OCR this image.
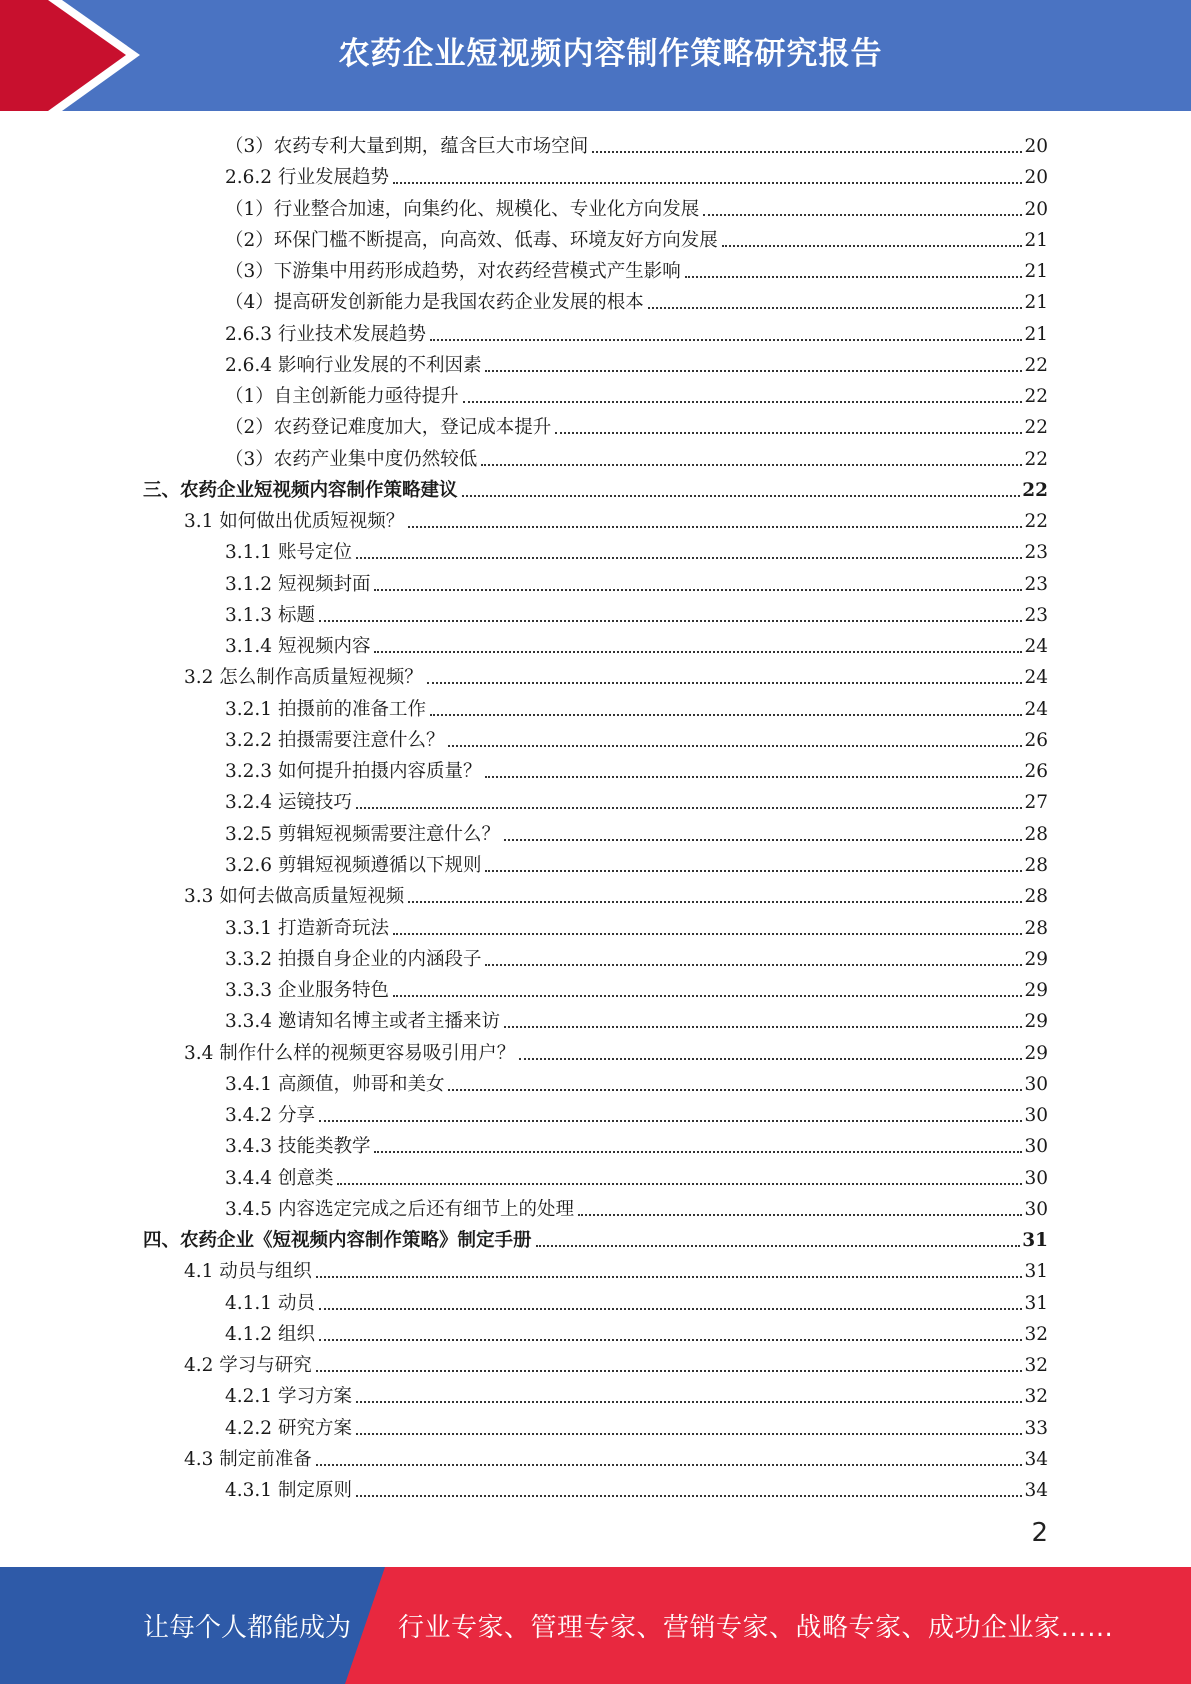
农药企业短视频内容制作策略研究报告
（3）农药专利大量到期，蕴含巨大市场空间	20
2.6.2 行业发展趋势	20
（1）行业整合加速，向集约化、规模化、专业化方向发展	20
（2）环保门槛不断提高，向高效、低毒、环境友好方向发展	21
（3）下游集中用药形成趋势，对农药经营模式产生影响	21
（4）提高研发创新能力是我国农药企业发展的根本	21
2.6.3 行业技术发展趋势	21
2.6.4 影响行业发展的不利因素	22
（1）自主创新能力亟待提升	22
（2）农药登记难度加大，登记成本提升	22
（3）农药产业集中度仍然较低	22
三、农药企业短视频内容制作策略建议	22
3.1 如何做出优质短视频？	22
3.1.1 账号定位	23
3.1.2 短视频封面	23
3.1.3 标题	23
3.1.4 短视频内容	24
3.2 怎么制作高质量短视频？	24
3.2.1 拍摄前的准备工作	24
3.2.2 拍摄需要注意什么？	26
3.2.3 如何提升拍摄内容质量？	26
3.2.4 运镜技巧	27
3.2.5 剪辑短视频需要注意什么？	28
3.2.6 剪辑短视频遵循以下规则	28
3.3 如何去做高质量短视频	28
3.3.1 打造新奇玩法	28
3.3.2 拍摄自身企业的内涵段子	29
3.3.3 企业服务特色	29
3.3.4 邀请知名博主或者主播来访	29
3.4 制作什么样的视频更容易吸引用户？	29
3.4.1 高颜值，帅哥和美女	30
3.4.2 分享	30
3.4.3 技能类教学	30
3.4.4 创意类	30
3.4.5 内容选定完成之后还有细节上的处理	30
四、农药企业《短视频内容制作策略》制定手册	31
4.1 动员与组织	31
4.1.1 动员	31
4.1.2 组织	32
4.2 学习与研究	32
4.2.1 学习方案	32
4.2.2 研究方案	33
4.3 制定前准备	34
4.3.1 制定原则	34
2
让每个人都能成为 行业专家、管理专家、营销专家、战略专家、成功企业家……
